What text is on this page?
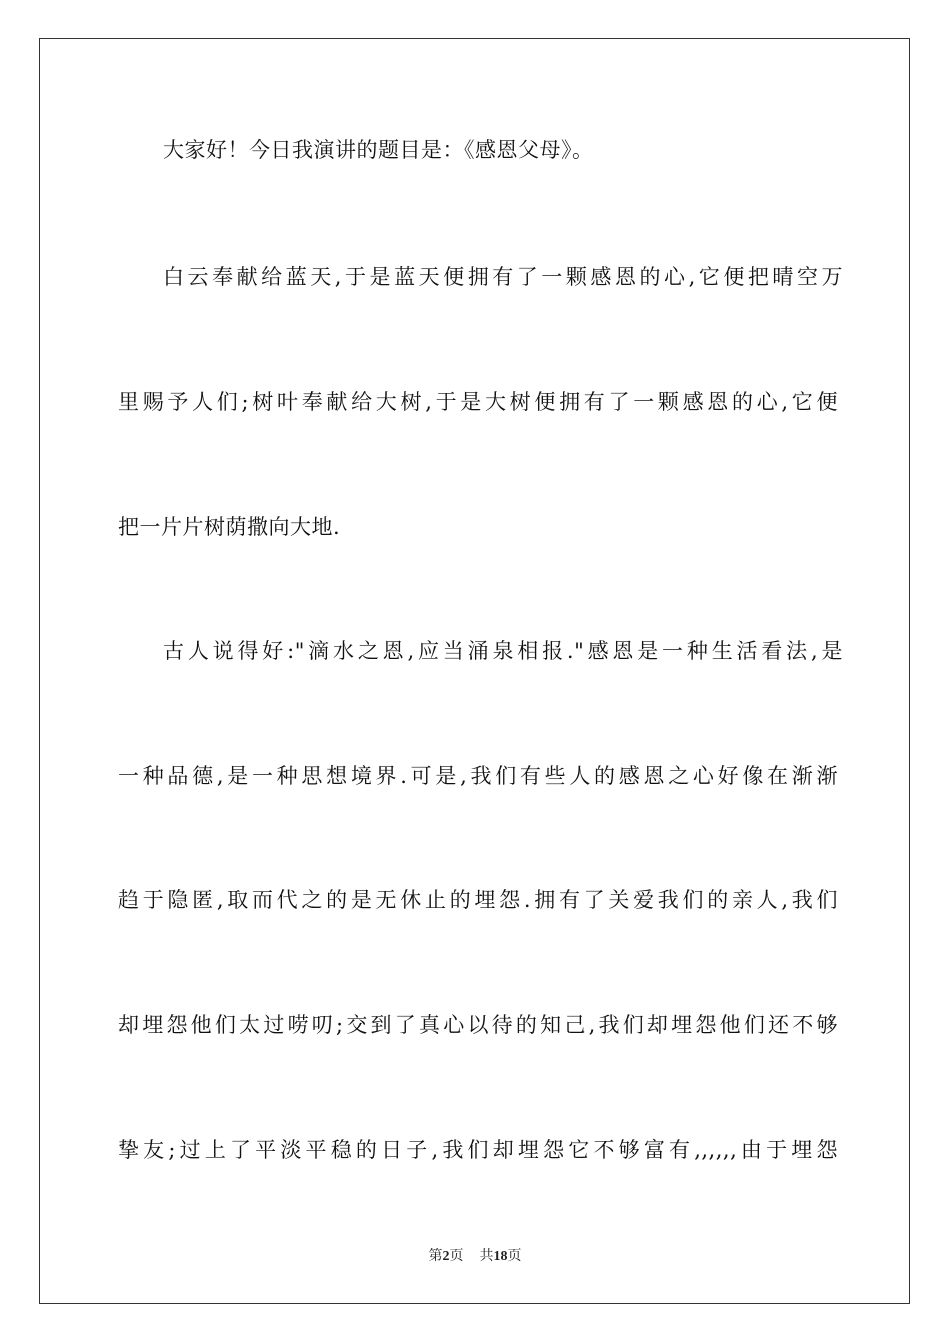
大家好！今日我演讲的题目是：《感恩父母》。
白云奉献给蓝天,于是蓝天便拥有了一颗感恩的心,它便把晴空万
里赐予人们;树叶奉献给大树,于是大树便拥有了一颗感恩的心,它便
把一片片树荫撒向大地.
古人说得好:"滴水之恩,应当涌泉相报."感恩是一种生活看法,是
一种品德,是一种思想境界.可是,我们有些人的感恩之心好像在渐渐
趋于隐匿,取而代之的是无休止的埋怨.拥有了关爱我们的亲人,我们
却埋怨他们太过唠叨;交到了真心以待的知己,我们却埋怨他们还不够
挚友;过上了平淡平稳的日子,我们却埋怨它不够富有,,,,,,由于埋怨
第2页 共18页
